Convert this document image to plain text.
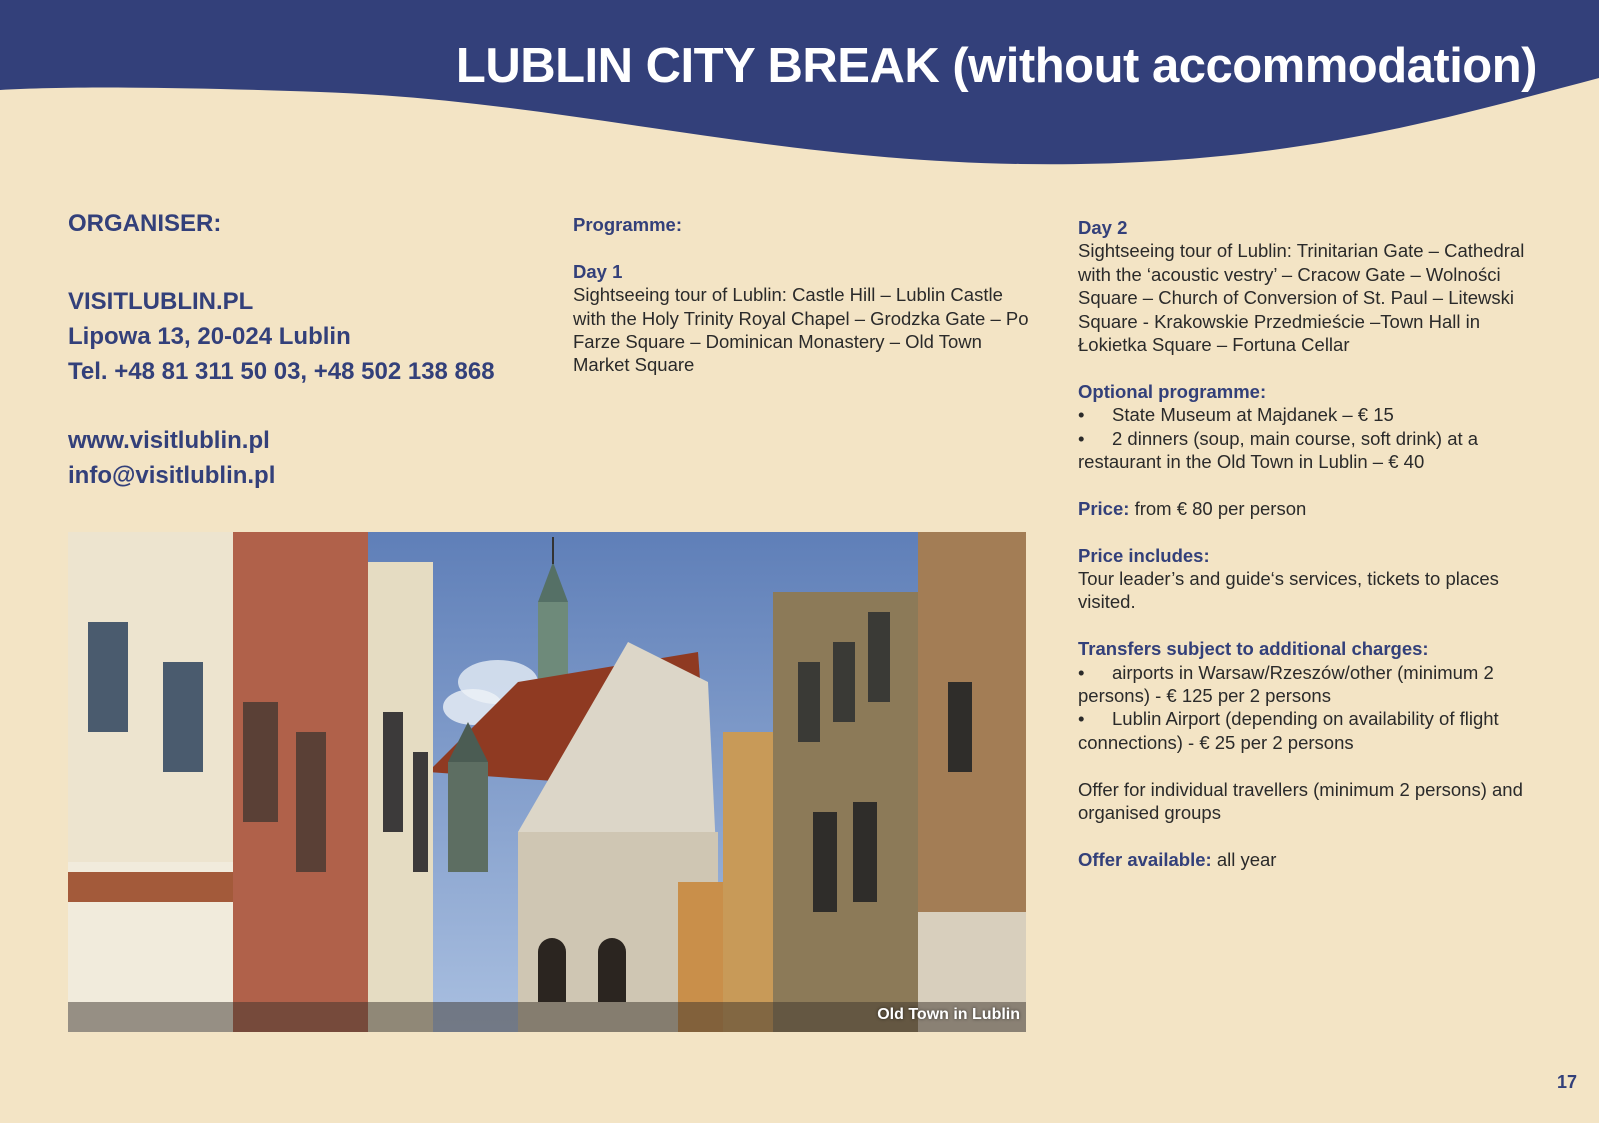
LUBLIN CITY BREAK (without accommodation)
ORGANISER:
VISITLUBLIN.PL
Lipowa 13, 20-024 Lublin
Tel. +48 81 311 50 03, +48 502 138 868
www.visitlublin.pl
info@visitlublin.pl
Programme:
Day 1

Sightseeing tour of Lublin: Castle Hill – Lublin Castle with the Holy Trinity Royal Chapel – Grodzka Gate – Po Farze Square – Dominican Monastery – Old Town Market Square

Day 2

Sightseeing tour of Lublin: Trinitarian Gate – Cathedral with the ‘acoustic vestry’ – Cracow Gate – Wolności Square – Church of Conversion of St. Paul – Litewski Square - Krakowskie Przedmieście –Town Hall in Łokietka Square – Fortuna Cellar

Optional programme:
•	State Museum at Majdanek – € 15
• 2 dinners (soup, main course, soft drink) at a restaurant in the Old Town in Lublin – € 40

Price: from € 80 per person

Price includes:

Tour leader’s and guide‘s services, tickets to places visited.

Transfers subject to additional charges:
• airports in Warsaw/Rzeszów/other (minimum 2 persons) - € 125 per 2 persons
• Lublin Airport (depending on availability of flight connections) - € 25 per 2 persons

Offer for individual travellers (minimum 2 persons) and organised groups

Offer available: all year

Old Town in Lublin
17
